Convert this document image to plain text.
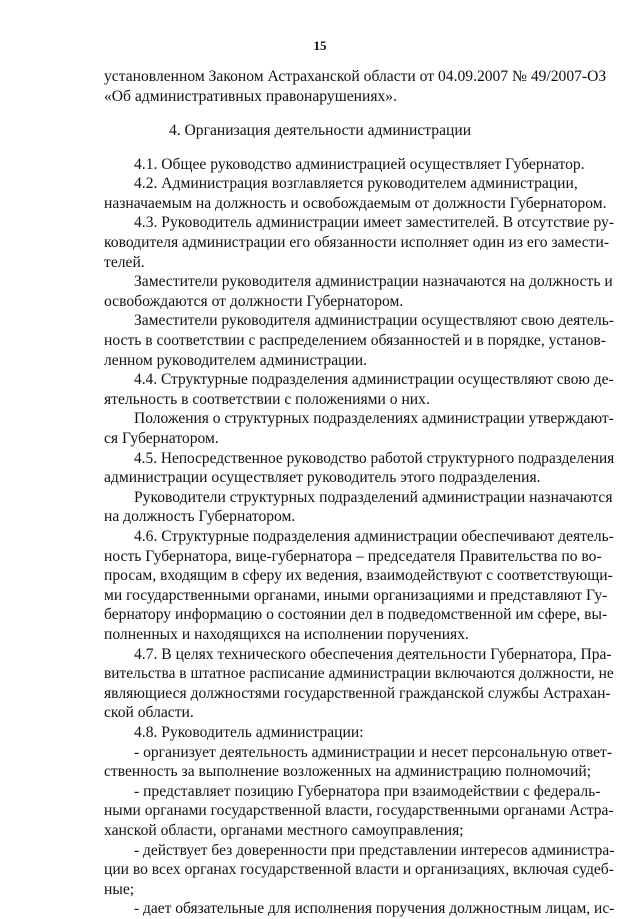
15
установленном Законом Астраханской области от 04.09.2007 № 49/2007-ОЗ
«Об административных правонарушениях».
4. Организация деятельности администрации
4.1. Общее руководство администрацией осуществляет Губернатор.
4.2. Администрация возглавляется руководителем администрации,
назначаемым на должность и освобождаемым от должности Губернатором.
4.3. Руководитель администрации имеет заместителей. В отсутствие ру-
ководителя администрации его обязанности исполняет один из его замести-
телей.
Заместители руководителя администрации назначаются на должность и
освобождаются от должности Губернатором.
Заместители руководителя администрации осуществляют свою деятель-
ность в соответствии с распределением обязанностей и в порядке, установ-
ленном руководителем администрации.
4.4. Структурные подразделения администрации осуществляют свою де-
ятельность в соответствии с положениями о них.
Положения о структурных подразделениях администрации утверждают-
ся Губернатором.
4.5. Непосредственное руководство работой структурного подразделения
администрации осуществляет руководитель этого подразделения.
Руководители структурных подразделений администрации назначаются
на должность Губернатором.
4.6. Структурные подразделения администрации обеспечивают деятель-
ность Губернатора, вице-губернатора – председателя Правительства по во-
просам, входящим в сферу их ведения, взаимодействуют с соответствующи-
ми государственными органами, иными организациями и представляют Гу-
бернатору информацию о состоянии дел в подведомственной им сфере, вы-
полненных и находящихся на исполнении поручениях.
4.7. В целях технического обеспечения деятельности Губернатора, Пра-
вительства в штатное расписание администрации включаются должности, не
являющиеся должностями государственной гражданской службы Астрахан-
ской области.
4.8. Руководитель администрации:
- организует деятельность администрации и несет персональную ответ-
ственность за выполнение возложенных на администрацию полномочий;
- представляет позицию Губернатора при взаимодействии с федераль-
ными органами государственной власти, государственными органами Астра-
ханской области, органами местного самоуправления;
- действует без доверенности при представлении интересов администра-
ции во всех органах государственной власти и организациях, включая судеб-
ные;
- дает обязательные для исполнения поручения должностным лицам, ис-
